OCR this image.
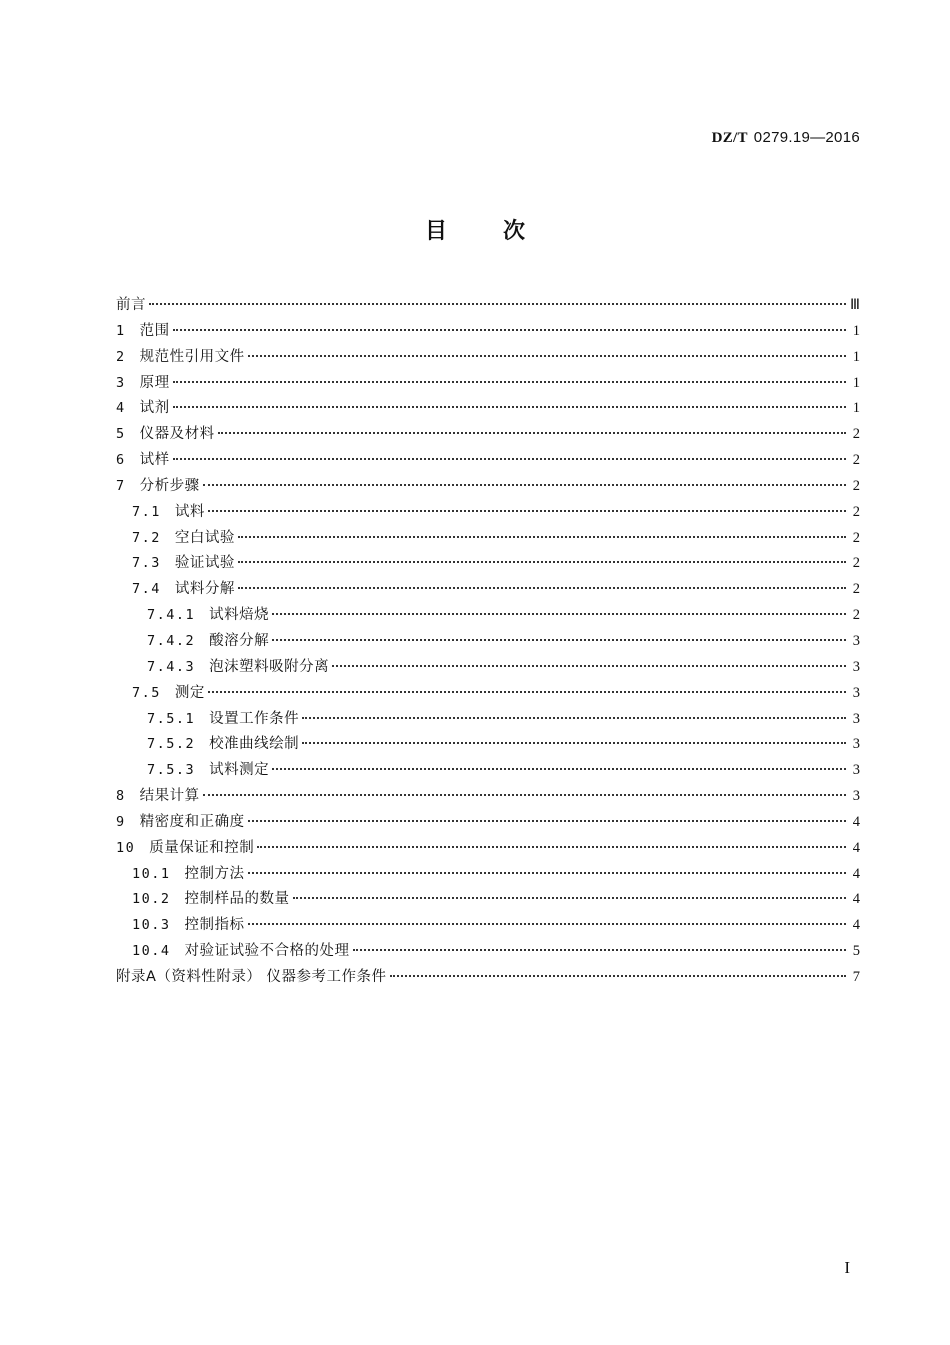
DZ/T 0279.19—2016
目次
前言	Ⅲ
1 范围	1
2 规范性引用文件	1
3 原理	1
4 试剂	1
5 仪器及材料	2
6 试样	2
7 分析步骤	2
7.1 试料	2
7.2 空白试验	2
7.3 验证试验	2
7.4 试料分解	2
7.4.1 试料焙烧	2
7.4.2 酸溶分解	3
7.4.3 泡沫塑料吸附分离	3
7.5 测定	3
7.5.1 设置工作条件	3
7.5.2 校准曲线绘制	3
7.5.3 试料测定	3
8 结果计算	3
9 精密度和正确度	4
10 质量保证和控制	4
10.1 控制方法	4
10.2 控制样品的数量	4
10.3 控制指标	4
10.4 对验证试验不合格的处理	5
附录A（资料性附录） 仪器参考工作条件	7
I
